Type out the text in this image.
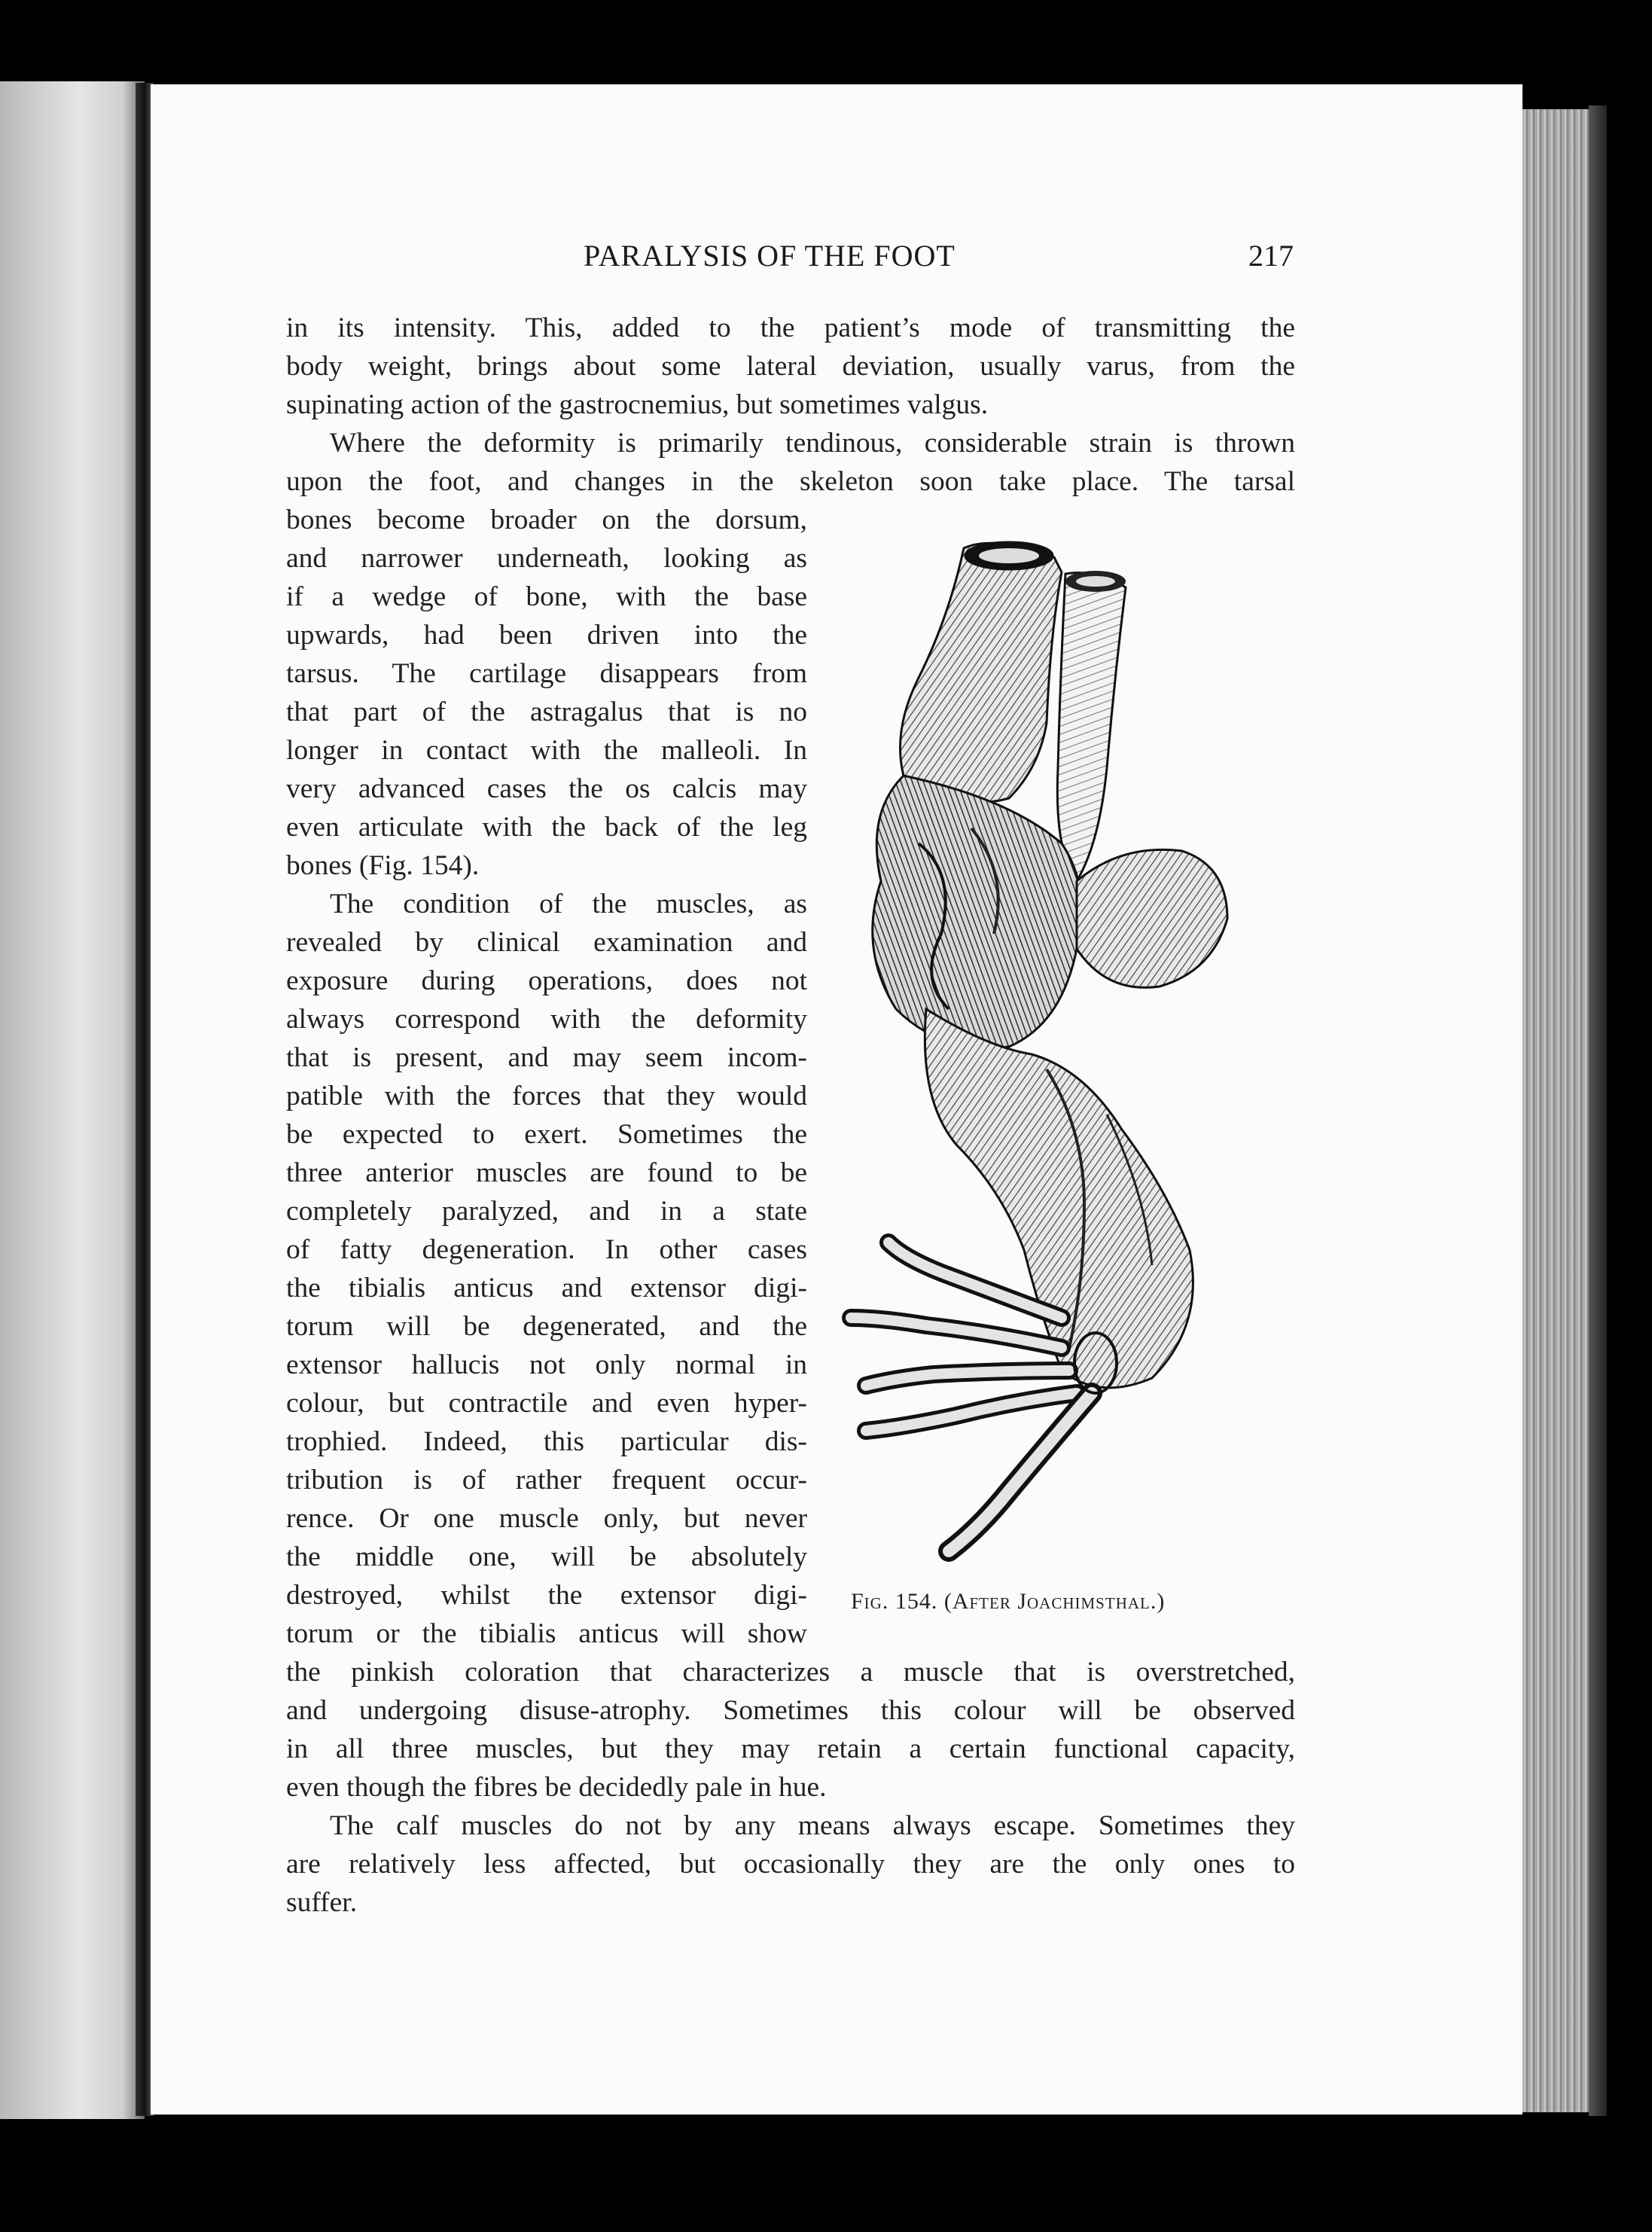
PARALYSIS OF THE FOOT	217
in its intensity. This, added to the patient’s mode of transmitting the
body weight, brings about some lateral deviation, usually varus, from the
supinating action of the gastrocnemius, but sometimes valgus.
Where the deformity is primarily tendinous, considerable strain is thrown
upon the foot, and changes in the skeleton soon take place. The tarsal
bones become broader on the dorsum,
and narrower underneath, looking as
if a wedge of bone, with the base
upwards, had been driven into the
tarsus. The cartilage disappears from
that part of the astragalus that is no
longer in contact with the malleoli. In
very advanced cases the os calcis may
even articulate with the back of the leg
bones (Fig. 154).
The condition of the muscles, as
revealed by clinical examination and
exposure during operations, does not
always correspond with the deformity
that is present, and may seem incom-
patible with the forces that they would
be expected to exert. Sometimes the
three anterior muscles are found to be
completely paralyzed, and in a state
of fatty degeneration. In other cases
the tibialis anticus and extensor digi-
torum will be degenerated, and the
extensor hallucis not only normal in
colour, but contractile and even hyper-
trophied. Indeed, this particular dis-
tribution is of rather frequent occur-
rence. Or one muscle only, but never
the middle one, will be absolutely
destroyed, whilst the extensor digi-
torum or the tibialis anticus will show
the pinkish coloration that characterizes a muscle that is overstretched,
and undergoing disuse-atrophy. Sometimes this colour will be observed
in all three muscles, but they may retain a certain functional capacity,
even though the fibres be decidedly pale in hue.
The calf muscles do not by any means always escape. Sometimes they
are relatively less affected, but occasionally they are the only ones to
suffer.
Fig. 154. (After Joachimsthal.)
